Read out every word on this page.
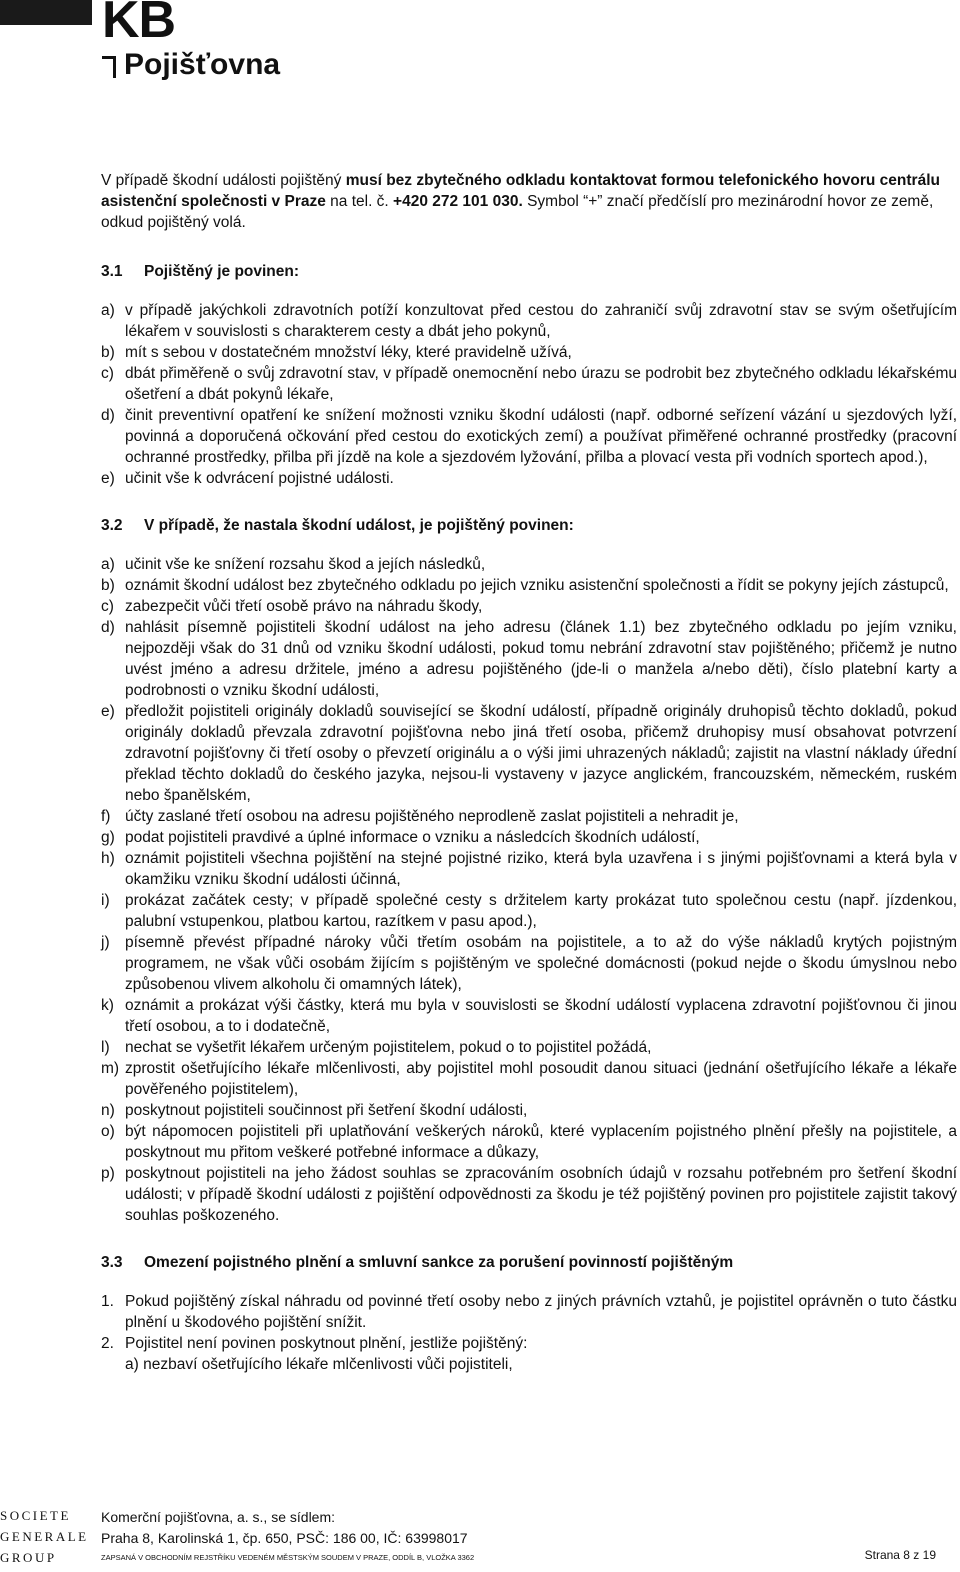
KB
Pojišťovna

V případě škodní události pojištěný musí bez zbytečného odkladu kontaktovat formou telefonického hovoru centrálu asistenční společnosti v Praze na tel. č. +420 272 101 030. Symbol “+” značí předčíslí pro mezinárodní hovor ze země, odkud pojištěný volá.

3.1 Pojištěný je povinen:
a) v případě jakýchkoli zdravotních potíží konzultovat před cestou do zahraničí svůj zdravotní stav se svým ošetřujícím lékařem v souvislosti s charakterem cesty a dbát jeho pokynů,
b) mít s sebou v dostatečném množství léky, které pravidelně užívá,
c) dbát přiměřeně o svůj zdravotní stav, v případě onemocnění nebo úrazu se podrobit bez zbytečného odkladu lékařskému ošetření a dbát pokynů lékaře,
d) činit preventivní opatření ke snížení možnosti vzniku škodní události (např. odborné seřízení vázání u sjezdových lyží, povinná a doporučená očkování před cestou do exotických zemí) a používat přiměřené ochranné prostředky (pracovní ochranné prostředky, přilba při jízdě na kole a sjezdovém lyžování, přilba a plovací vesta při vodních sportech apod.),
e) učinit vše k odvrácení pojistné události.
3.2 V případě, že nastala škodní událost, je pojištěný povinen:
a) učinit vše ke snížení rozsahu škod a jejích následků,
b) oznámit škodní událost bez zbytečného odkladu po jejich vzniku asistenční společnosti a řídit se pokyny jejích zástupců,
c) zabezpečit vůči třetí osobě právo na náhradu škody,
d) nahlásit písemně pojistiteli škodní událost na jeho adresu (článek 1.1) bez zbytečného odkladu po jejím vzniku, nejpozději však do 31 dnů od vzniku škodní události, pokud tomu nebrání zdravotní stav pojištěného; přičemž je nutno uvést jméno a adresu držitele, jméno a adresu pojištěného (jde-li o manžela a/nebo děti), číslo platební karty a podrobnosti o vzniku škodní události,
e) předložit pojistiteli originály dokladů související se škodní událostí, případně originály druhopisů těchto dokladů, pokud originály dokladů převzala zdravotní pojišťovna nebo jiná třetí osoba, přičemž druhopisy musí obsahovat potvrzení zdravotní pojišťovny či třetí osoby o převzetí originálu a o výši jimi uhrazených nákladů; zajistit na vlastní náklady úřední překlad těchto dokladů do českého jazyka, nejsou-li vystaveny v jazyce anglickém, francouzském, německém, ruském nebo španělském,
f) účty zaslané třetí osobou na adresu pojištěného neprodleně zaslat pojistiteli a nehradit je,
g) podat pojistiteli pravdivé a úplné informace o vzniku a následcích škodních událostí,
h) oznámit pojistiteli všechna pojištění na stejné pojistné riziko, která byla uzavřena i s jinými pojišťovnami a která byla v okamžiku vzniku škodní události účinná,
i) prokázat začátek cesty; v případě společné cesty s držitelem karty prokázat tuto společnou cestu (např. jízdenkou, palubní vstupenkou, platbou kartou, razítkem v pasu apod.),
j) písemně převést případné nároky vůči třetím osobám na pojistitele, a to až do výše nákladů krytých pojistným programem, ne však vůči osobám žijícím s pojištěným ve společné domácnosti (pokud nejde o škodu úmyslnou nebo způsobenou vlivem alkoholu či omamných látek),
k) oznámit a prokázat výši částky, která mu byla v souvislosti se škodní událostí vyplacena zdravotní pojišťovnou či jinou třetí osobou, a to i dodatečně,
l) nechat se vyšetřit lékařem určeným pojistitelem, pokud o to pojistitel požádá,
m) zprostit ošetřujícího lékaře mlčenlivosti, aby pojistitel mohl posoudit danou situaci (jednání ošetřujícího lékaře a lékaře pověřeného pojistitelem),
n) poskytnout pojistiteli součinnost při šetření škodní události,
o) být nápomocen pojistiteli při uplatňování veškerých nároků, které vyplacením pojistného plnění přešly na pojistitele, a poskytnout mu přitom veškeré potřebné informace a důkazy,
p) poskytnout pojistiteli na jeho žádost souhlas se zpracováním osobních údajů v rozsahu potřebném pro šetření škodní události; v případě škodní události z pojištění odpovědnosti za škodu je též pojištěný povinen pro pojistitele zajistit takový souhlas poškozeného.
3.3 Omezení pojistného plnění a smluvní sankce za porušení povinností pojištěným
1. Pokud pojištěný získal náhradu od povinné třetí osoby nebo z jiných právních vztahů, je pojistitel oprávněn o tuto částku plnění u škodového pojištění snížit.
2. Pojistitel není povinen poskytnout plnění, jestliže pojištěný:
a) nezbaví ošetřujícího lékaře mlčenlivosti vůči pojistiteli,
SOCIETE
GENERALE
GROUP
Komerční pojišťovna, a. s., se sídlem:
Praha 8, Karolinská 1, čp. 650, PSČ: 186 00, IČ: 63998017
ZAPSANÁ V OBCHODNÍM REJSTŘÍKU VEDENÉM MĚSTSKÝM SOUDEM V PRAZE, ODDÍL B, VLOŽKA 3362	Strana 8 z 19
